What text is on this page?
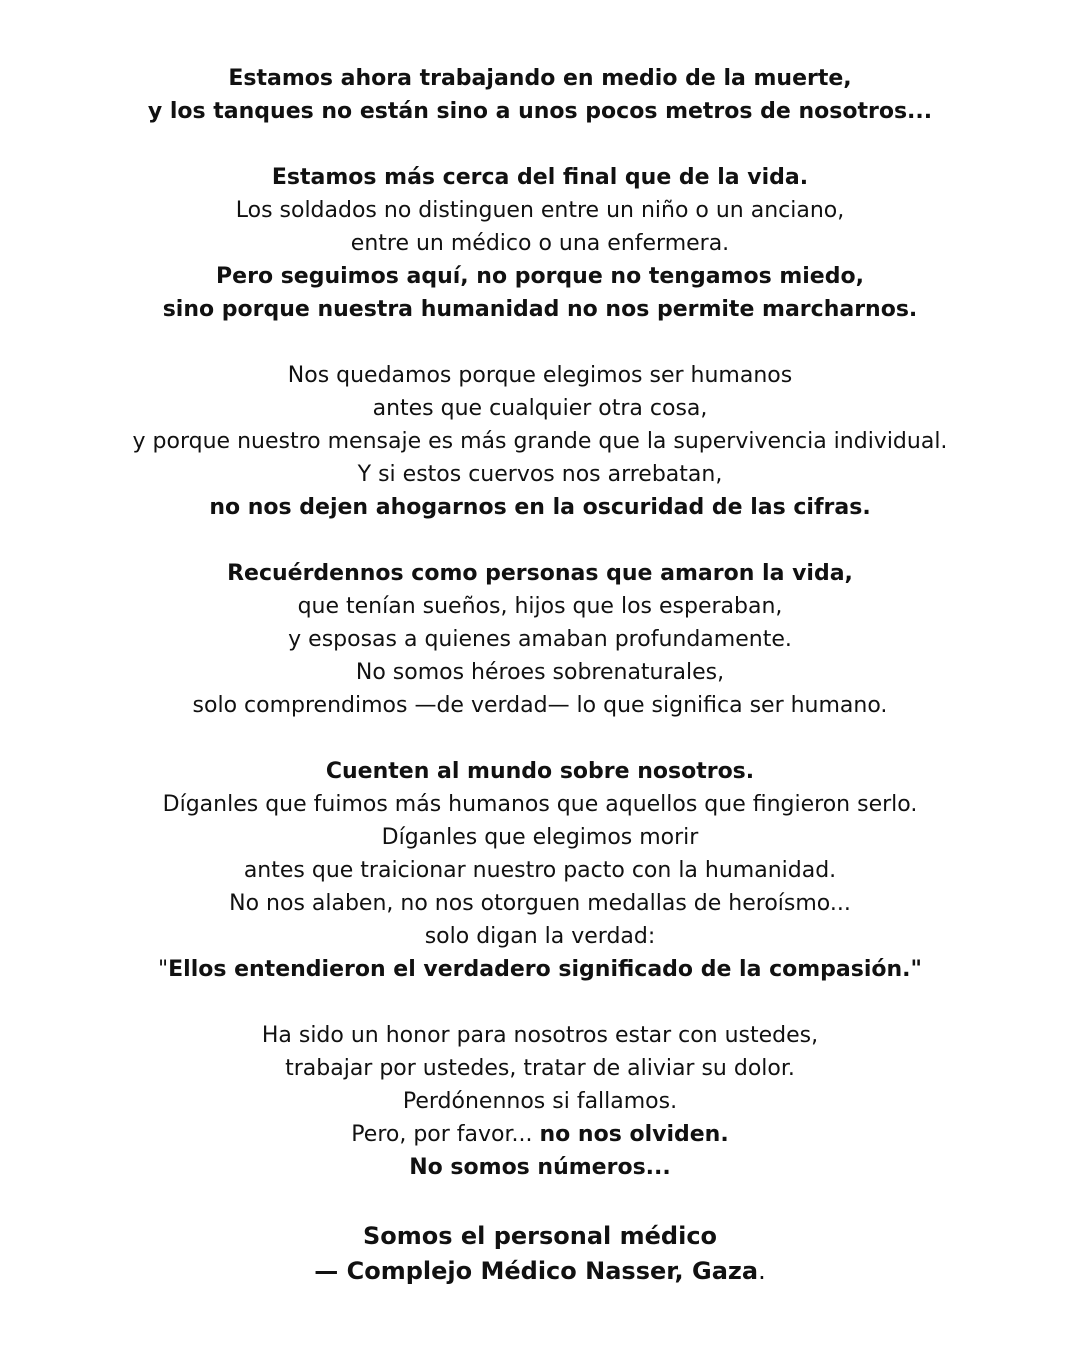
Estamos ahora trabajando en medio de la muerte,
y los tanques no están sino a unos pocos metros de nosotros...
Estamos más cerca del final que de la vida.
Los soldados no distinguen entre un niño o un anciano,
entre un médico o una enfermera.
Pero seguimos aquí, no porque no tengamos miedo,
sino porque nuestra humanidad no nos permite marcharnos.
Nos quedamos porque elegimos ser humanos
antes que cualquier otra cosa,
y porque nuestro mensaje es más grande que la supervivencia individual.
Y si estos cuervos nos arrebatan,
no nos dejen ahogarnos en la oscuridad de las cifras.
Recuérdennos como personas que amaron la vida,
que tenían sueños, hijos que los esperaban,
y esposas a quienes amaban profundamente.
No somos héroes sobrenaturales,
solo comprendimos —de verdad— lo que significa ser humano.
Cuenten al mundo sobre nosotros.
Díganles que fuimos más humanos que aquellos que fingieron serlo.
Díganles que elegimos morir
antes que traicionar nuestro pacto con la humanidad.
No nos alaben, no nos otorguen medallas de heroísmo...
solo digan la verdad:
"Ellos entendieron el verdadero significado de la compasión."
Ha sido un honor para nosotros estar con ustedes,
trabajar por ustedes, tratar de aliviar su dolor.
Perdónennos si fallamos.
Pero, por favor... no nos olviden.
No somos números...
Somos el personal médico
— Complejo Médico Nasser, Gaza.
